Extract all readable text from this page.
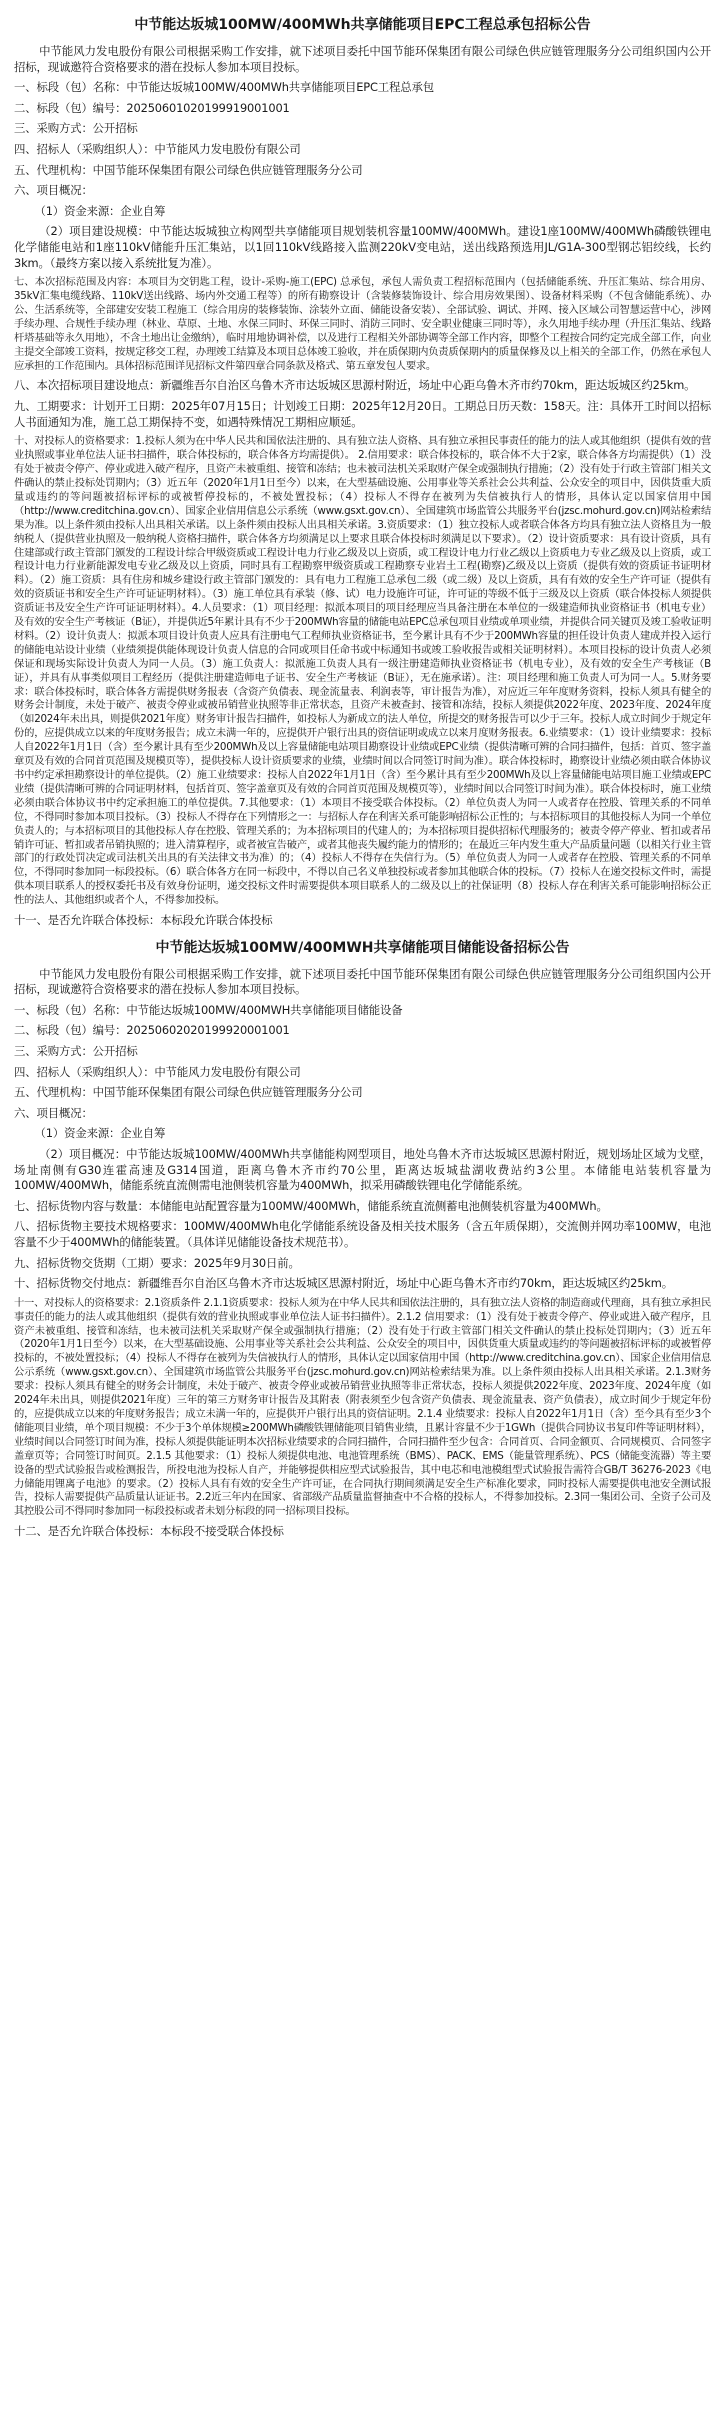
中节能达坂城100MW/400MWh共享储能项目EPC工程总承包招标公告

中节能风力发电股份有限公司根据采购工作安排，就下述项目委托中国节能环保集团有限公司绿色供应链管理服务分公司组织国内公开招标，现诚邀符合资格要求的潜在投标人参加本项目投标。

一、标段（包）名称：中节能达坂城100MW/400MWh共享储能项目EPC工程总承包

二、标段（包）编号：20250601020199919001001

三、采购方式：公开招标

四、招标人（采购组织人）：中节能风力发电股份有限公司

五、代理机构：中国节能环保集团有限公司绿色供应链管理服务分公司

六、项目概况：

（1）资金来源：企业自筹

（2）项目建设规模：中节能达坂城独立构网型共享储能项目规划装机容量100MW/400MWh。建设1座100MW/400MWh磷酸铁锂电化学储能电站和1座110kV储能升压汇集站，以1回110kV线路接入监测220kV变电站，送出线路预选用JL/G1A-300型钢芯铝绞线，长约3km。（最终方案以接入系统批复为准）。

七、本次招标范围及内容：本项目为交钥匙工程，设计-采购-施工(EPC) 总承包，承包人需负责工程招标范围内（包括储能系统、升压汇集站、综合用房、35kV汇集电缆线路、110kV送出线路、场内外交通工程等）的所有勘察设计（含装修装饰设计、综合用房效果图）、设备材料采购（不包含储能系统）、办公、生活系统等，全部建安安装工程施工（综合用房的装修装饰、涂装外立面、储能设备安装）、全部试验、调试、并网、接入区域公司智慧运营中心，涉网手续办理、合规性手续办理（林业、草原、土地、水保三同时、环保三同时、消防三同时、安全职业健康三同时等），永久用地手续办理（升压汇集站、线路杆塔基础等永久用地），不含土地出让金缴纳），临时用地协调补偿，以及进行工程相关外部协调等全部工作内容，即整个工程按合同约定完成全部工作，向业主提交全部竣工资料，按规定移交工程，办理竣工结算及本项目总体竣工验收，并在质保期内负责质保期内的质量保修及以上相关的全部工作，仍然在承包人应承担的工作范围内。具体招标范围详见招标文件第四章合同条款及格式、第五章发包人要求。

八、本次招标项目建设地点：新疆维吾尔自治区乌鲁木齐市达坂城区思源村附近，场址中心距乌鲁木齐市约70km，距达坂城区约25km。

九、工期要求：计划开工日期：2025年07月15日；计划竣工日期：2025年12月20日。工期总日历天数：158天。注：具体开工时间以招标人书面通知为准，施工总工期保持不变，如遇特殊情况工期相应顺延。

十、对投标人的资格要求：1.投标人须为在中华人民共和国依法注册的、具有独立法人资格、具有独立承担民事责任的能力的法人或其他组织（提供有效的营业执照或事业单位法人证书扫描件，联合体投标的，联合体各方均需提供）。 2.信用要求：联合体投标的，联合体不大于2家，联合体各方均需提供）（1）没有处于被责令停产、停业或进入破产程序，且资产未被重组、接管和冻结；也未被司法机关采取财产保全或强制执行措施；（2）没有处于行政主管部门相关文件确认的禁止投标处罚期内；（3）近五年（2020年1月1日至今）以来，在大型基础设施、公用事业等关系社会公共利益、公众安全的项目中，因供货重大质量或违约的等问题被招标评标的或被暂停投标的，不被处置投标；（4）投标人不得存在被列为失信被执行人的情形，具体认定以国家信用中国（http://www.creditchina.gov.cn）、国家企业信用信息公示系统（www.gsxt.gov.cn）、全国建筑市场监管公共服务平台(jzsc.mohurd.gov.cn)网站检索结果为准。以上条件须由投标人出具相关承诺。以上条件须由投标人出具相关承诺。3.资质要求：（1）独立投标人或者联合体各方均具有独立法人资格且为一般纳税人（提供营业执照及一般纳税人资格扫描件，联合体各方均须满足以上要求且联合体投标时须满足以下要求）。（2）设计资质要求：具有设计资质，具有住建部或行政主管部门颁发的工程设计综合甲级资质或工程设计电力行业乙级及以上资质，或工程设计电力行业乙级以上资质电力专业乙级及以上资质，或工程设计电力行业新能源发电专业乙级及以上资质，同时具有工程勘察甲级资质或工程勘察专业岩土工程(勘察)乙级及以上资质（提供有效的资质证书证明材料）。（2）施工资质：具有住房和城乡建设行政主管部门颁发的：具有电力工程施工总承包二级（或二级）及以上资质，具有有效的安全生产许可证（提供有效的资质证书和安全生产许可证证明材料）。（3）施工单位具有承装（修、试）电力设施许可证，许可证的等级不低于三级及以上资质（联合体投标人须提供资质证书及安全生产许可证证明材料）。4.人员要求：（1）项目经理：拟派本项目的项目经理应当具备注册在本单位的一级建造师执业资格证书（机电专业）及有效的安全生产考核证（B证），并提供近5年累计具有不少于200MWh容量的储能电站EPC总承包项目业绩或单项业绩，并提供合同关键页及竣工验收证明材料。（2）设计负责人：拟派本项目设计负责人应具有注册电气工程师执业资格证书，至今累计具有不少于200MWh容量的担任设计负责人建成并投入运行的储能电站设计业绩（业绩须提供能体现设计负责人信息的合同或项目任命书或中标通知书或竣工验收报告或相关证明材料）。本项目投标的设计负责人必须保证和现场实际设计负责人为同一人员。（3）施工负责人：拟派施工负责人具有一级注册建造师执业资格证书（机电专业），及有效的安全生产考核证（B证），并具有从事类似项目工程经历（提供注册建造师电子证书、安全生产考核证（B证），无在施承诺）。注：项目经理和施工负责人可为同一人。5.财务要求：联合体投标时，联合体各方需提供财务报表（含资产负债表、现金流量表、利润表等，审计报告为准），对应近三年年度财务资料，投标人须具有健全的财务会计制度，未处于破产、被责令停业或被吊销营业执照等非正常状态，且资产未被查封、接管和冻结，投标人须提供2022年度、2023年度、2024年度（如2024年未出具，则提供2021年度）财务审计报告扫描件，如投标人为新成立的法人单位，所提交的财务报告可以少于三年。投标人成立时间少于规定年份的，应提供成立以来的年度财务报告；成立未满一年的，应提供开户银行出具的资信证明或成立以来月度财务报表。6.业绩要求：（1）设计业绩要求：投标人自2022年1月1日（含）至今累计具有至少200MWh及以上容量储能电站项目勘察设计业绩或EPC业绩（提供清晰可辨的合同扫描件，包括：首页、签字盖章页及有效的合同首页范围及规模页等），提供投标人设计资质要求的业绩，业绩时间以合同签订时间为准）。联合体投标时，勘察设计业绩必须由联合体协议书中约定承担勘察设计的单位提供。（2）施工业绩要求：投标人自2022年1月1日（含）至今累计具有至少200MWh及以上容量储能电站项目施工业绩或EPC业绩（提供清晰可辨的合同证明材料，包括首页、签字盖章页及有效的合同首页范围及规模页等），业绩时间以合同签订时间为准）。联合体投标时，施工业绩必须由联合体协议书中约定承担施工的单位提供。7.其他要求：（1）本项目不接受联合体投标。（2）单位负责人为同一人或者存在控股、管理关系的不同单位，不得同时参加本项目投标。（3）投标人不得存在下列情形之一：与招标人存在利害关系可能影响招标公正性的；与本招标项目的其他投标人为同一个单位负责人的；与本招标项目的其他投标人存在控股、管理关系的；为本招标项目的代建人的；为本招标项目提供招标代理服务的；被责令停产停业、暂扣或者吊销许可证、暂扣或者吊销执照的；进入清算程序，或者被宣告破产，或者其他丧失履约能力的情形的；在最近三年内发生重大产品质量问题（以相关行业主管部门的行政处罚决定或司法机关出具的有关法律文书为准）的；（4）投标人不得存在失信行为。（5）单位负责人为同一人或者存在控股、管理关系的不同单位，不得同时参加同一标段投标。（6）联合体各方在同一标段中，不得以自己名义单独投标或者参加其他联合体的投标。（7）投标人在递交投标文件时，需提供本项目联系人的授权委托书及有效身份证明，递交投标文件时需要提供本项目联系人的二级及以上的社保证明（8）投标人存在利害关系可能影响招标公正性的法人、其他组织或者个人，不得参加投标。

十一、是否允许联合体投标：本标段允许联合体投标

中节能达坂城100MW/400MWH共享储能项目储能设备招标公告

中节能风力发电股份有限公司根据采购工作安排，就下述项目委托中国节能环保集团有限公司绿色供应链管理服务分公司组织国内公开招标，现诚邀符合资格要求的潜在投标人参加本项目投标。

一、标段（包）名称：中节能达坂城100MW/400MWH共享储能项目储能设备

二、标段（包）编号：20250602020199920001001

三、采购方式：公开招标

四、招标人（采购组织人）：中节能风力发电股份有限公司

五、代理机构：中国节能环保集团有限公司绿色供应链管理服务分公司

六、项目概况：

（1）资金来源：企业自筹

（2）项目概况：中节能达坂城100MW/400MWh共享储能构网型项目，地处乌鲁木齐市达坂城区思源村附近，规划场址区域为戈壁，场址南侧有G30连霍高速及G314国道，距离乌鲁木齐市约70公里，距离达坂城盐湖收费站约3公里。本储能电站装机容量为100MW/400MWh，储能系统直流侧需电池侧装机容量为400MWh，拟采用磷酸铁锂电化学储能系统。

七、招标货物内容与数量：本储能电站配置容量为100MW/400MWh，储能系统直流侧蓄电池侧装机容量为400MWh。

八、招标货物主要技术规格要求：100MW/400MWh电化学储能系统设备及相关技术服务（含五年质保期），交流侧并网功率100MW，电池容量不少于400MWh的储能装置。（具体详见储能设备技术规范书）。

九、招标货物交货期（工期）要求：2025年9月30日前。

十、招标货物交付地点：新疆维吾尔自治区乌鲁木齐市达坂城区思源村附近，场址中心距乌鲁木齐市约70km，距达坂城区约25km。

十一、对投标人的资格要求：2.1资质条件 2.1.1资质要求：投标人须为在中华人民共和国依法注册的，具有独立法人资格的制造商或代理商，具有独立承担民事责任的能力的法人或其他组织（提供有效的营业执照或事业单位法人证书扫描件）。2.1.2 信用要求：（1）没有处于被责令停产、停业或进入破产程序，且资产未被重组、接管和冻结，也未被司法机关采取财产保全或强制执行措施；（2）没有处于行政主管部门相关文件确认的禁止投标处罚期内；（3）近五年（2020年1月1日至今）以来，在大型基础设施、公用事业等关系社会公共利益、公众安全的项目中，因供货重大质量或违约的等问题被招标评标的或被暂停投标的，不被处置投标；（4）投标人不得存在被列为失信被执行人的情形，具体认定以国家信用中国（http://www.creditchina.gov.cn）、国家企业信用信息公示系统（www.gsxt.gov.cn）、全国建筑市场监管公共服务平台(jzsc.mohurd.gov.cn)网站检索结果为准。以上条件须由投标人出具相关承诺。2.1.3财务要求：投标人须具有健全的财务会计制度，未处于破产、被责令停业或被吊销营业执照等非正常状态，投标人须提供2022年度、2023年度、2024年度（如2024年未出具，则提供2021年度）三年的第三方财务审计报告及其附表（附表须至少包含资产负债表、现金流量表、资产负债表），成立时间少于规定年份的，应提供成立以来的年度财务报告；成立未满一年的，应提供开户银行出具的资信证明。2.1.4 业绩要求：投标人自2022年1月1日（含）至今具有至少3个储能项目业绩，单个项目规模：不少于3个单体规模≥200MWh磷酸铁锂储能项目销售业绩，且累计容量不少于1GWh（提供合同协议书复印件等证明材料），业绩时间以合同签订时间为准，投标人须提供能证明本次招标业绩要求的合同扫描件，合同扫描件至少包含：合同首页、合同金额页、合同规模页、合同签字盖章页等；合同签订时间页。2.1.5 其他要求：（1）投标人须提供电池、电池管理系统（BMS）、PACK、EMS（能量管理系统）、PCS（储能变流器）等主要设备的型式试验报告或检测报告，所投电池为投标人自产，并能够提供相应型式试验报告，其中电芯和电池模组型式试验报告需符合GB/T 36276-2023《电力储能用锂离子电池》的要求。（2）投标人具有有效的安全生产许可证，在合同执行期间须满足安全生产标准化要求，同时投标人需要提供电池安全测试报告，投标人需要提供产品质量认证证书。2.2近三年内在国家、省部级产品质量监督抽查中不合格的投标人，不得参加投标。2.3同一集团公司、全资子公司及其控股公司不得同时参加同一标段投标或者未划分标段的同一招标项目投标。

十二、是否允许联合体投标：本标段不接受联合体投标
